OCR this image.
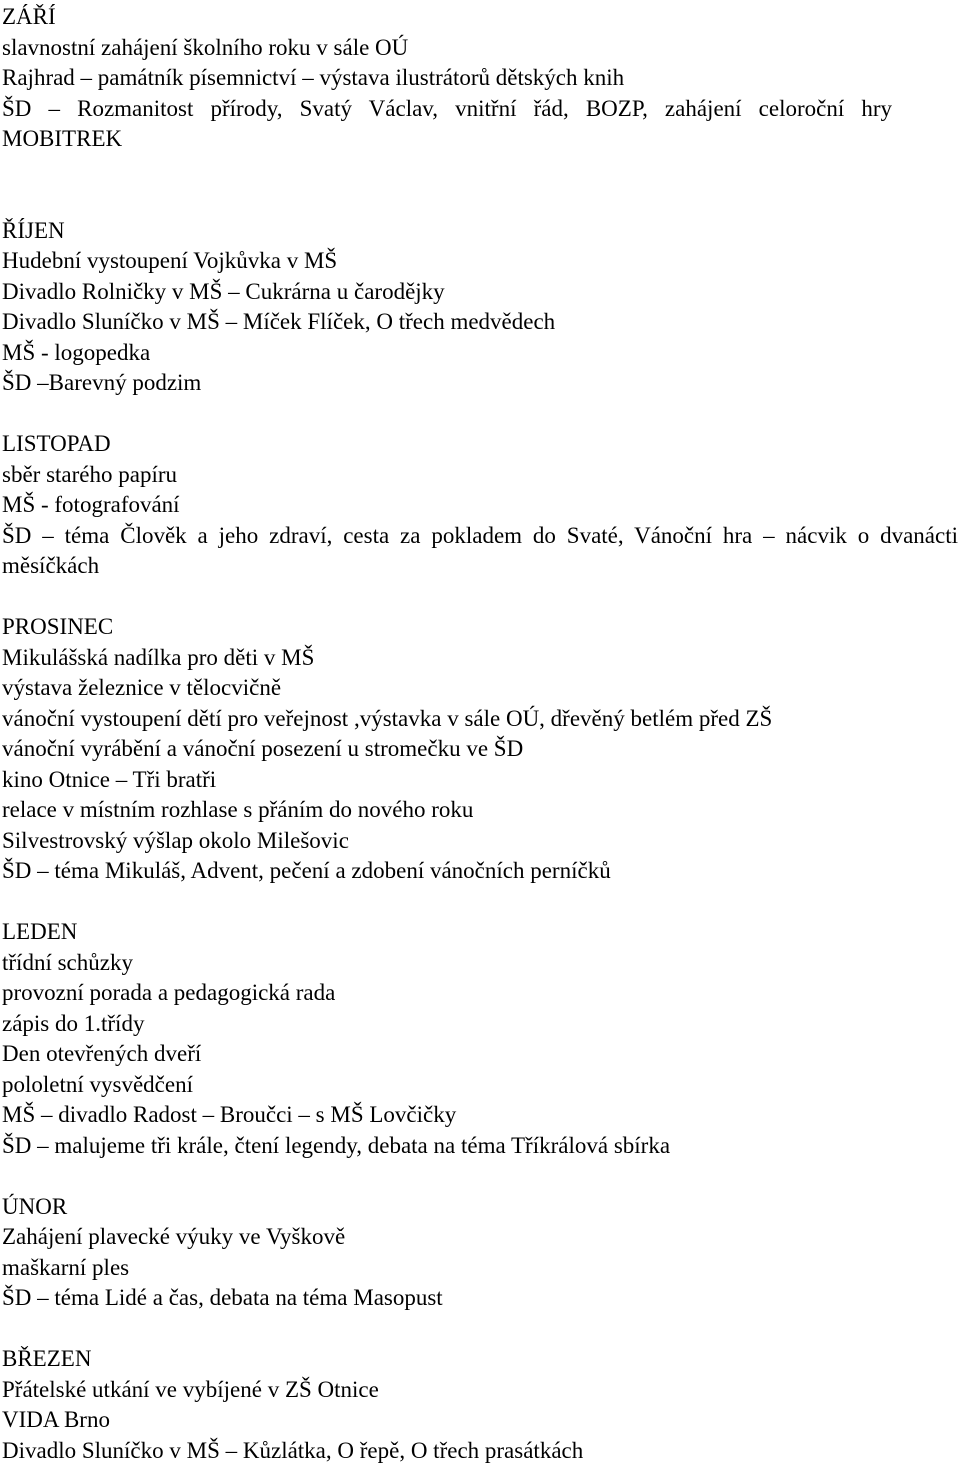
ZÁŘÍ

slavnostní zahájení školního roku v sále OÚ

Rajhrad – památník písemnictví – výstava ilustrátorů dětských knih

ŠD – Rozmanitost přírody, Svatý Václav, vnitřní řád, BOZP, zahájení celoroční hry MOBITREK

ŘÍJEN

Hudební vystoupení Vojkůvka v MŠ

Divadlo Rolničky v MŠ – Cukrárna u čarodějky

Divadlo Sluníčko v MŠ – Míček Flíček, O třech medvědech

MŠ - logopedka

ŠD –Barevný podzim

LISTOPAD

sběr starého papíru

MŠ - fotografování

ŠD – téma Člověk a jeho zdraví, cesta za pokladem do Svaté, Vánoční hra – nácvik o dvanácti měsíčkách

PROSINEC

Mikulášská nadílka pro děti v MŠ

výstava železnice v tělocvičně

vánoční vystoupení dětí pro veřejnost ,výstavka v sále OÚ, dřevěný betlém před ZŠ

vánoční vyrábění a vánoční posezení u stromečku ve ŠD

kino Otnice – Tři bratři

relace v místním rozhlase s přáním do nového roku

Silvestrovský výšlap okolo Milešovic

ŠD – téma Mikuláš, Advent, pečení a zdobení vánočních perníčků

LEDEN

třídní schůzky

provozní porada a pedagogická rada

zápis do 1.třídy

Den otevřených dveří

pololetní vysvědčení

MŠ – divadlo Radost – Broučci – s MŠ Lovčičky

ŠD – malujeme tři krále, čtení legendy, debata na téma Tříkrálová sbírka

ÚNOR

Zahájení plavecké výuky ve Vyškově

maškarní ples

ŠD – téma Lidé a čas, debata na téma Masopust

BŘEZEN

Přátelské utkání ve vybíjené v ZŠ Otnice

VIDA Brno

Divadlo Sluníčko v MŠ – Kůzlátka, O řepě, O třech prasátkách
